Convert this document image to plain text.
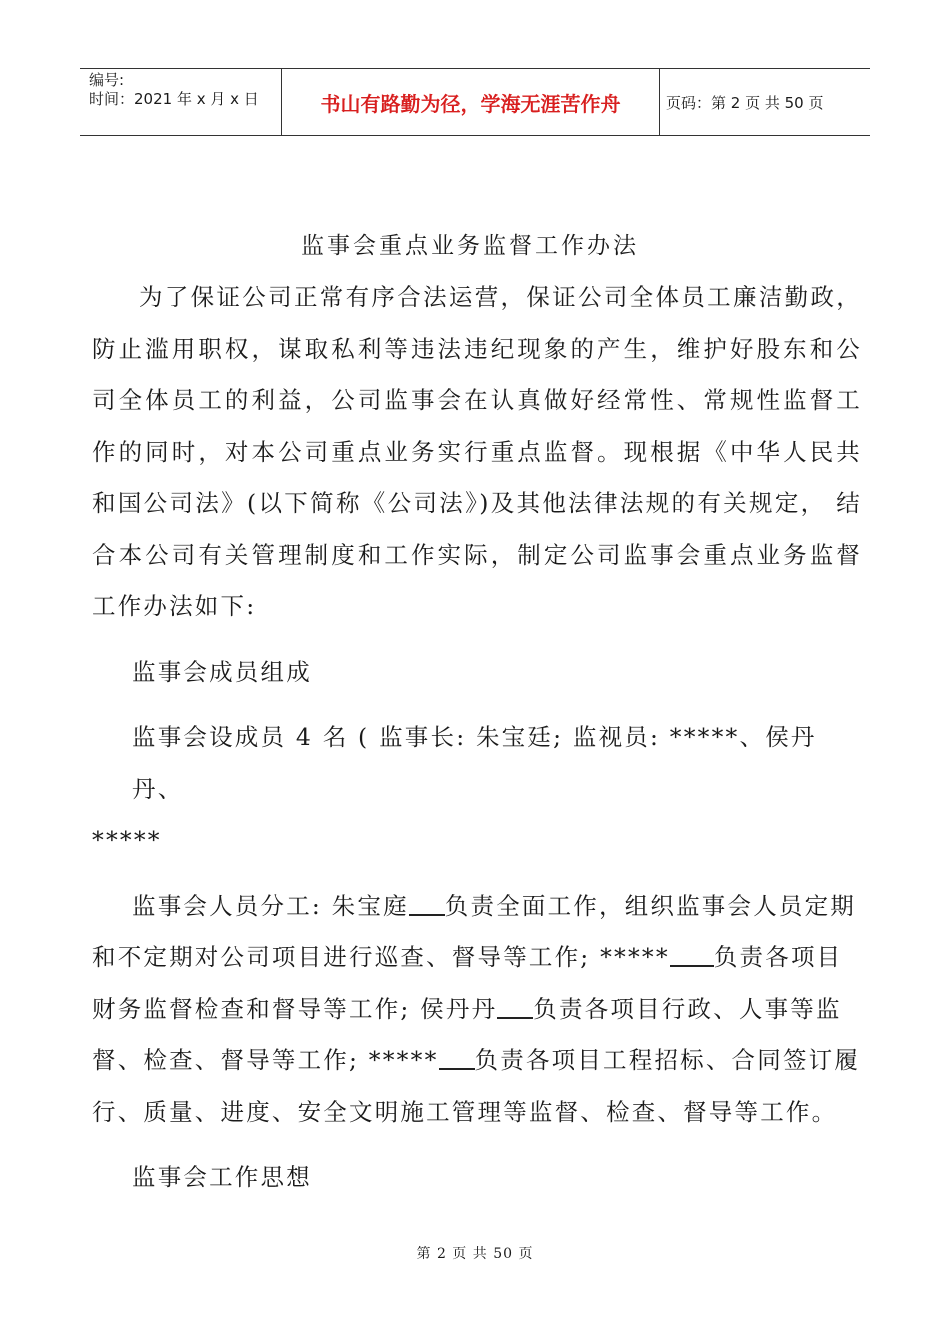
编号:
时间：2021 年 x 月 x 日	书山有路勤为径，学海无涯苦作舟	页码：第 2 页 共 50 页
监事会重点业务监督工作办法

为了保证公司正常有序合法运营，保证公司全体员工廉洁勤政，防止滥用职权，谋取私利等违法违纪现象的产生，维护好股东和公司全体员工的利益，公司监事会在认真做好经常性、常规性监督工作的同时，对本公司重点业务实行重点监督。现根据《中华人民共和国公司法》(以下简称《公司法》)及其他法律法规的有关规定， 结合本公司有关管理制度和工作实际，制定公司监事会重点业务监督工作办法如下:

监事会成员组成

监事会设成员 4 名 ( 监事长: 朱宝廷; 监视员: *****、侯丹丹、

*****

监事会人员分工: 朱宝庭 负责全面工作，组织监事会人员定期

和不定期对公司项目进行巡查、督导等工作; ***** 负责各项目

财务监督检查和督导等工作; 侯丹丹 负责各项目行政、人事等监

督、检查、督导等工作; ***** 负责各项目工程招标、合同签订履

行、质量、进度、安全文明施工管理等监督、检查、督导等工作。

监事会工作思想

第 2 页 共 50 页
